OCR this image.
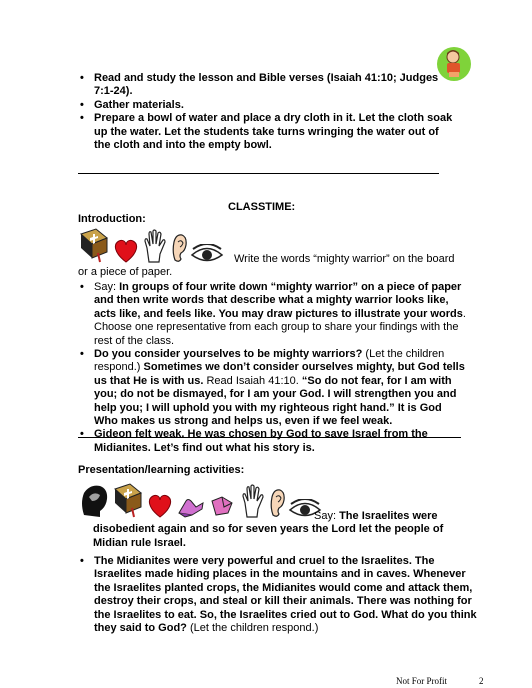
• Read and study the lesson and Bible verses (Isaiah 41:10; Judges 7:1-24).
• Gather materials.
• Prepare a bowl of water and place a dry cloth in it. Let the cloth soak up the water. Let the students take turns wringing the water out of the cloth and into the empty bowl.
CLASSTIME:
Introduction:
Write the words “mighty warrior” on the board or a piece of paper.
• Say: In groups of four write down “mighty warrior” on a piece of paper and then write words that describe what a mighty warrior looks like, acts like, and feels like. You may draw pictures to illustrate your words. Choose one representative from each group to share your findings with the rest of the class.
• Do you consider yourselves to be mighty warriors? (Let the children respond.) Sometimes we don’t consider ourselves mighty, but God tells us that He is with us. Read Isaiah 41:10. “So do not fear, for I am with you; do not be dismayed, for I am your God. I will strengthen you and help you; I will uphold you with my righteous right hand.” It is God Who makes us strong and helps us, even if we feel weak.
• Gideon felt weak. He was chosen by God to save Israel from the Midianites. Let’s find out what his story is.
Presentation/learning activities:
Say: The Israelites were disobedient again and so for seven years the Lord let the people of Midian rule Israel.
• The Midianites were very powerful and cruel to the Israelites. The Israelites made hiding places in the mountains and in caves. Whenever the Israelites planted crops, the Midianites would come and attack them, destroy their crops, and steal or kill their animals. There was nothing for the Israelites to eat. So, the Israelites cried out to God. What do you think they said to God? (Let the children respond.)
Not For Profit	2
